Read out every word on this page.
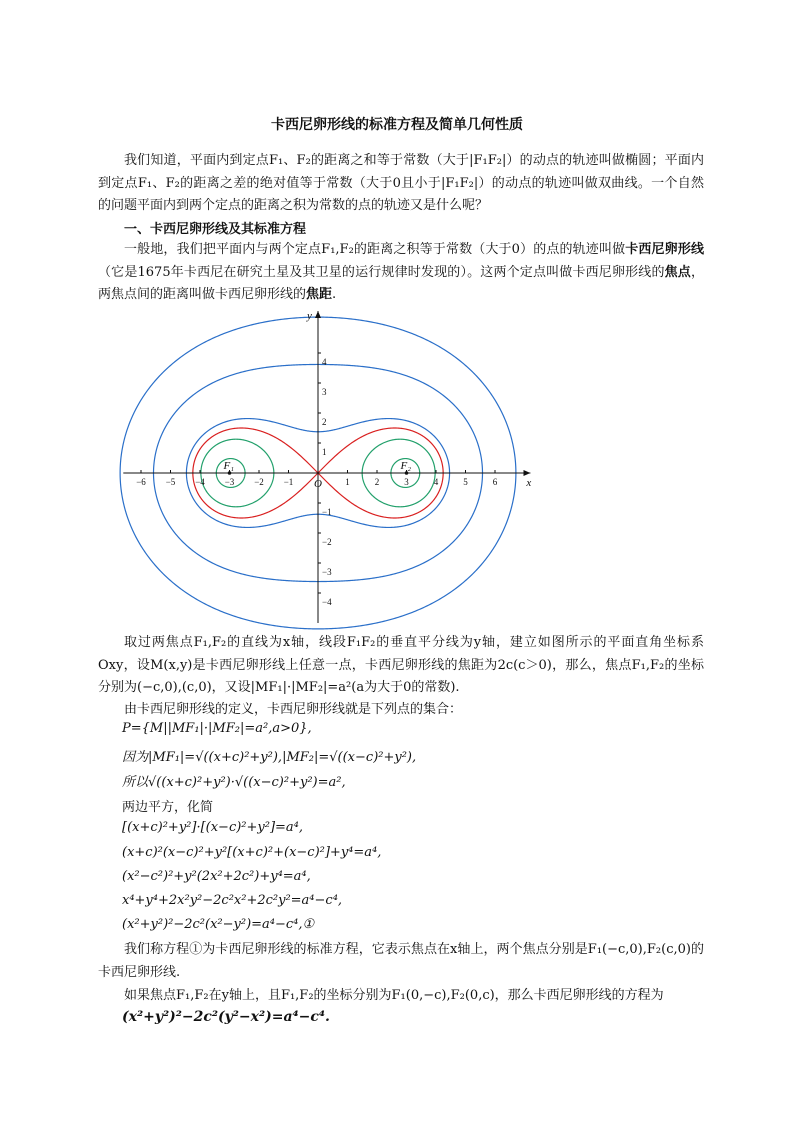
卡西尼卵形线的标准方程及简单几何性质
我们知道，平面内到定点F₁、F₂的距离之和等于常数（大于|F₁F₂|）的动点的轨迹叫做椭圆；平面内到定点F₁、F₂的距离之差的绝对值等于常数（大于0且小于|F₁F₂|）的动点的轨迹叫做双曲线。一个自然的问题平面内到两个定点的距离之积为常数的点的轨迹又是什么呢？
一、卡西尼卵形线及其标准方程
一般地，我们把平面内与两个定点F₁,F₂的距离之积等于常数（大于0）的点的轨迹叫做卡西尼卵形线（它是1675年卡西尼在研究土星及其卫星的运行规律时发现的）。这两个定点叫做卡西尼卵形线的焦点，两焦点间的距离叫做卡西尼卵形线的焦距.
−6 −5 −4 −3 −2 −1	1	2	3	4	5	6
−4
−3
−2
−1
1
2
3
4
x
y
O
F₁	F₂
取过两焦点F₁,F₂的直线为x轴，线段F₁F₂的垂直平分线为y轴，建立如图所示的平面直角坐标系Oxy，设M(x,y)是卡西尼卵形线上任意一点，卡西尼卵形线的焦距为2c(c＞0)，那么，焦点F₁,F₂的坐标分别为(−c,0),(c,0)，又设|MF₁|·|MF₂|=a²(a为大于0的常数).
由卡西尼卵形线的定义，卡西尼卵形线就是下列点的集合：
P={M||MF₁|·|MF₂|=a²,a>0},
因为|MF₁|=√((x+c)²+y²),|MF₂|=√((x−c)²+y²),
所以√((x+c)²+y²)·√((x−c)²+y²)=a²,
两边平方，化简
[(x+c)²+y²]·[(x−c)²+y²]=a⁴,
(x+c)²(x−c)²+y²[(x+c)²+(x−c)²]+y⁴=a⁴,
(x²−c²)²+y²(2x²+2c²)+y⁴=a⁴,
x⁴+y⁴+2x²y²−2c²x²+2c²y²=a⁴−c⁴,
(x²+y²)²−2c²(x²−y²)=a⁴−c⁴,①
我们称方程①为卡西尼卵形线的标准方程，它表示焦点在x轴上，两个焦点分别是F₁(−c,0),F₂(c,0)的卡西尼卵形线.
如果焦点F₁,F₂在y轴上，且F₁,F₂的坐标分别为F₁(0,−c),F₂(0,c)，那么卡西尼卵形线的方程为
(x²+y²)²−2c²(y²−x²)=a⁴−c⁴.
